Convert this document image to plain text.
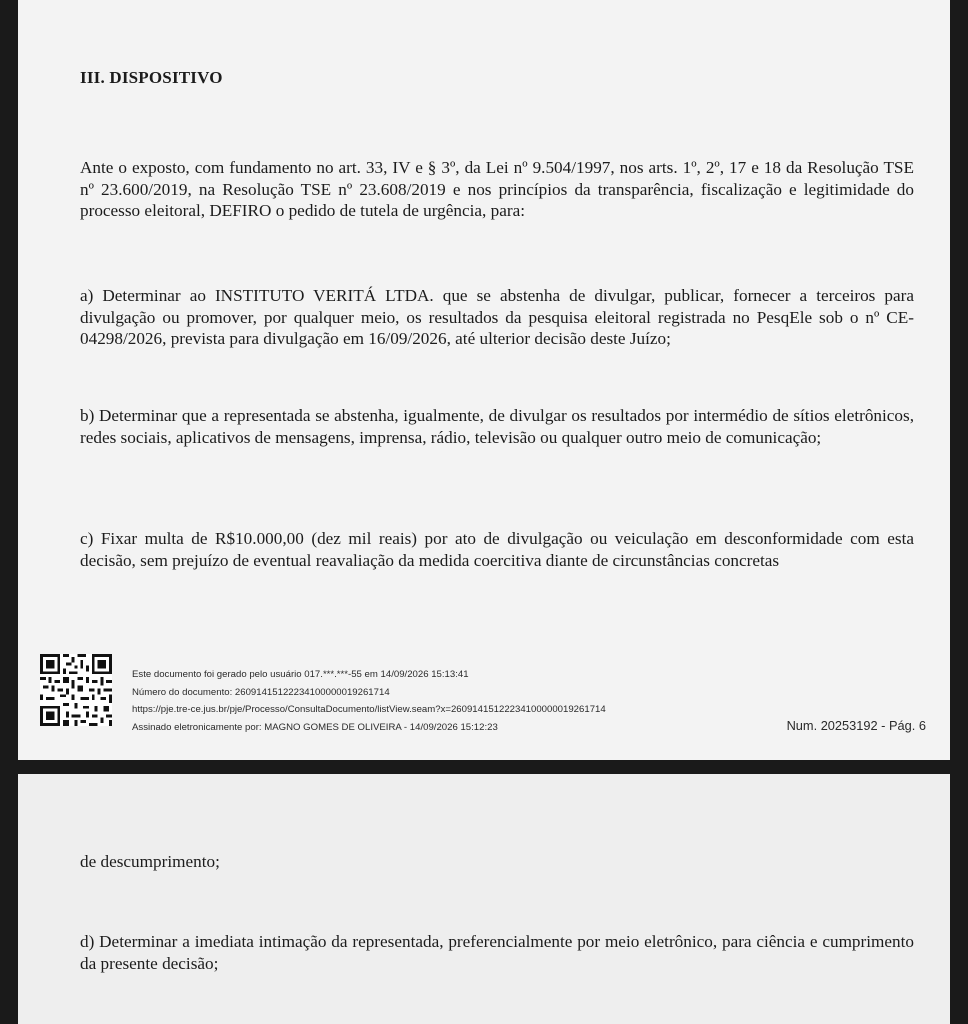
III. DISPOSITIVO
Ante o exposto, com fundamento no art. 33, IV e § 3º, da Lei nº 9.504/1997, nos arts. 1º, 2º, 17 e 18 da Resolução TSE nº 23.600/2019, na Resolução TSE nº 23.608/2019 e nos princípios da transparência, fiscalização e legitimidade do processo eleitoral, DEFIRO o pedido de tutela de urgência, para:
a) Determinar ao INSTITUTO VERITÁ LTDA. que se abstenha de divulgar, publicar, fornecer a terceiros para divulgação ou promover, por qualquer meio, os resultados da pesquisa eleitoral registrada no PesqEle sob o nº CE-04298/2026, prevista para divulgação em 16/09/2026, até ulterior decisão deste Juízo;
b) Determinar que a representada se abstenha, igualmente, de divulgar os resultados por intermédio de sítios eletrônicos, redes sociais, aplicativos de mensagens, imprensa, rádio, televisão ou qualquer outro meio de comunicação;
c) Fixar multa de R$10.000,00 (dez mil reais) por ato de divulgação ou veiculação em desconformidade com esta decisão, sem prejuízo de eventual reavaliação da medida coercitiva diante de circunstâncias concretas
Este documento foi gerado pelo usuário 017.***.***-55 em 14/09/2026 15:13:41
Número do documento: 26091415122234100000019261714
https://pje.tre-ce.jus.br/pje/Processo/ConsultaDocumento/listView.seam?x=26091415122234100000019261714
Assinado eletronicamente por: MAGNO GOMES DE OLIVEIRA - 14/09/2026 15:12:23	Num. 20253192 - Pág. 6
de descumprimento;
d) Determinar a imediata intimação da representada, preferencialmente por meio eletrônico, para ciência e cumprimento da presente decisão;
